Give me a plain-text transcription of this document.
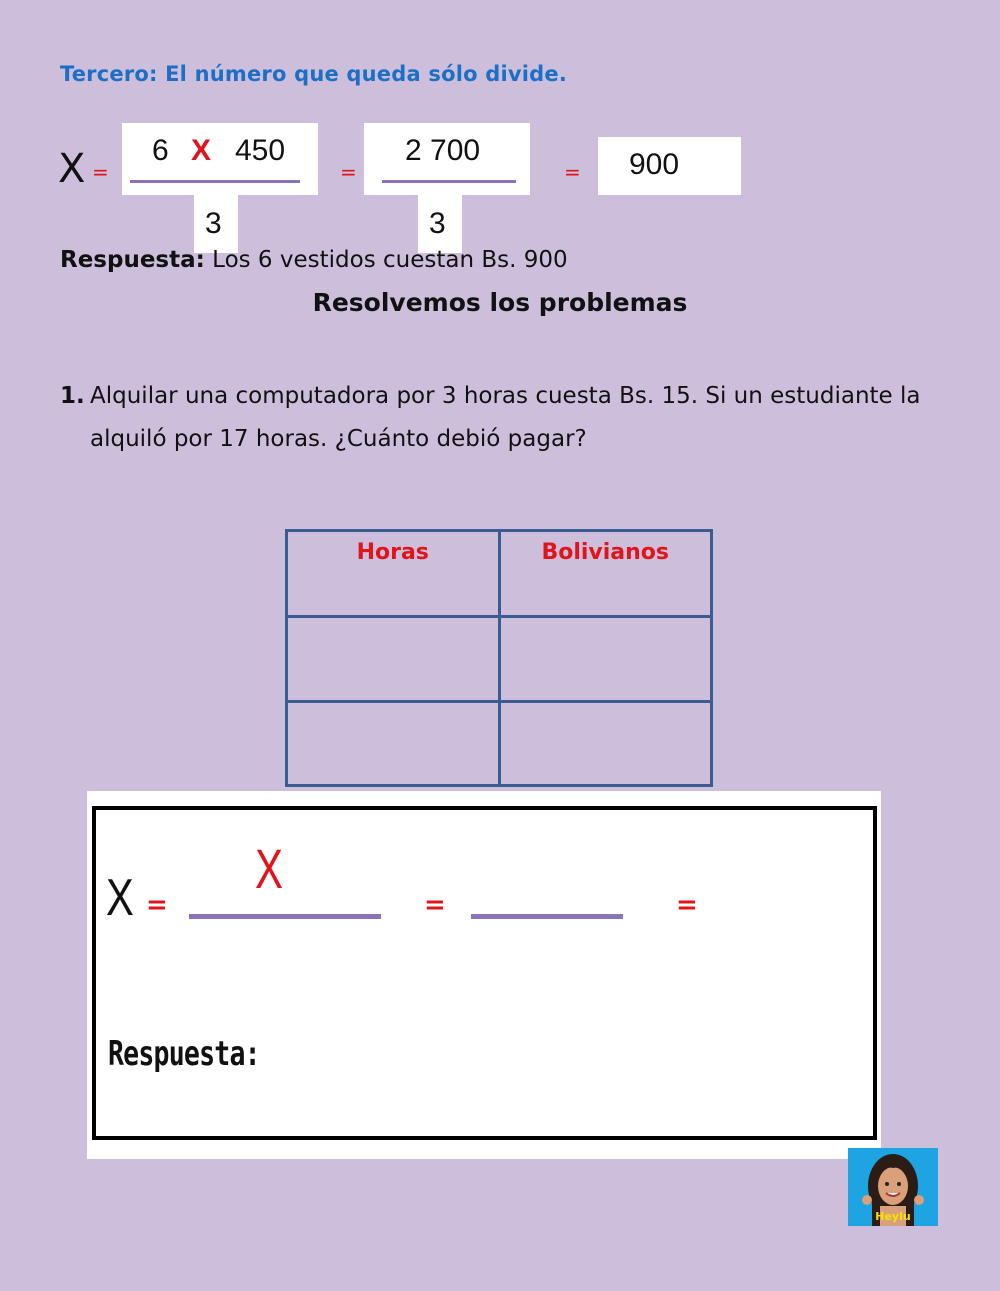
Tercero: El número que queda sólo divide.
X =
6 X 450
3
=
2 700
3
= 900
Respuesta: Los 6 vestidos cuestan Bs. 900
Resolvemos los problemas
1. Alquilar una computadora por 3 horas cuesta Bs. 15. Si un estudiante la alquiló por 17 horas. ¿Cuánto debió pagar?
Horas	Bolivianos

X =
X
=	=
Respuesta:
Heylu
